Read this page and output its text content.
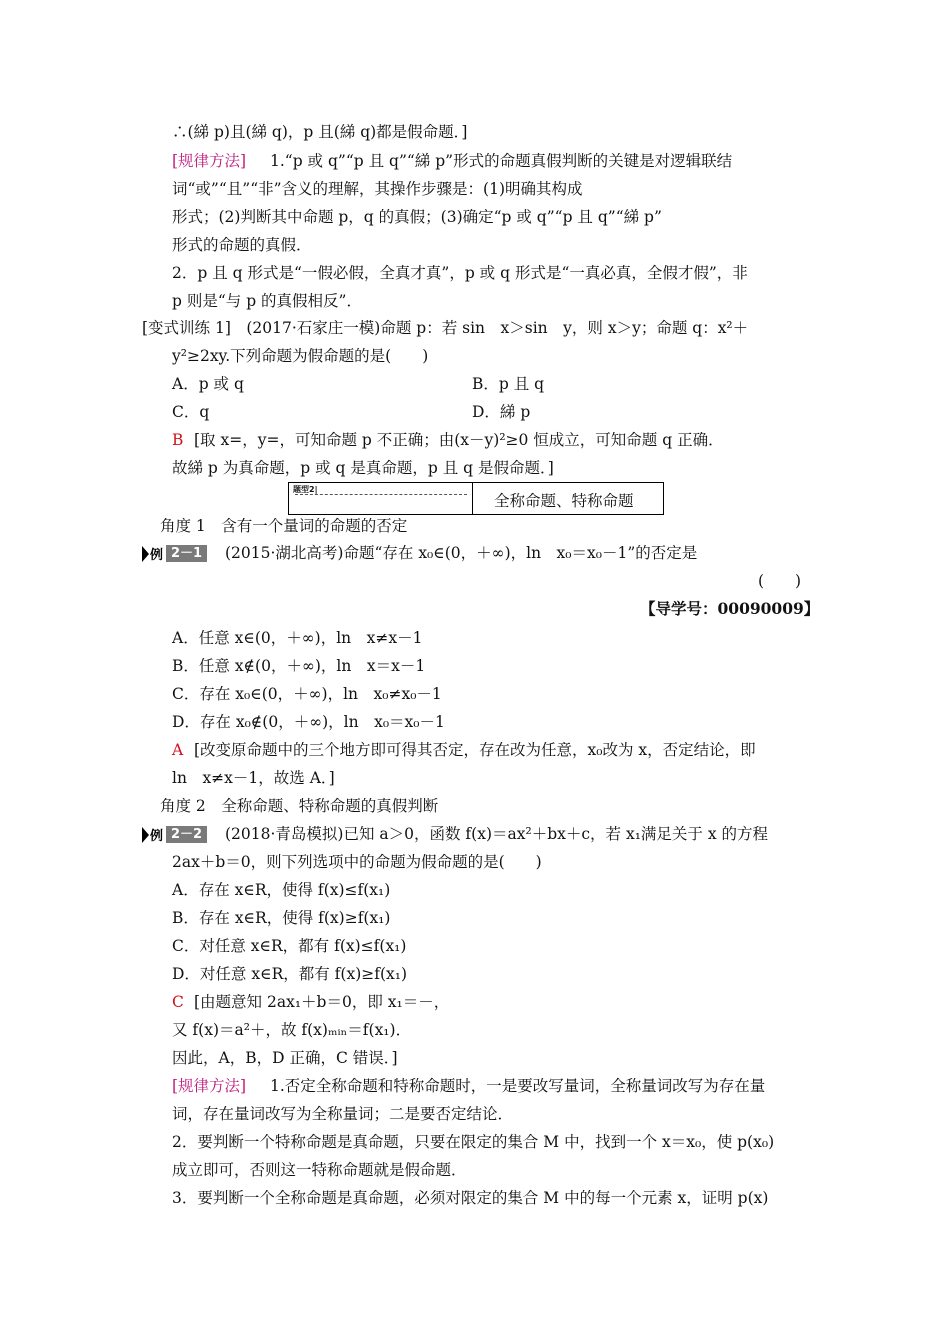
∴(綈 p)且(綈 q)，p 且(綈 q)都是假命题．]
[规律方法] 1.“p 或 q”“p 且 q”“綈 p”形式的命题真假判断的关键是对逻辑联结
词“或”“且”“非”含义的理解，其操作步骤是：(1)明确其构成
形式；(2)判断其中命题 p，q 的真假；(3)确定“p 或 q”“p 且 q”“綈 p”
形式的命题的真假．
2．p 且 q 形式是“一假必假，全真才真”，p 或 q 形式是“一真必真，全假才假”，非
p 则是“与 p 的真假相反”．
[变式训练 1]　(2017·石家庄一模)命题 p：若 sin　x＞sin　y，则 x＞y；命题 q：x²＋
y²≥2xy.下列命题为假命题的是(　　)
A．p 或 q	B．p 且 q
C．q	D．綈 p
B [取 x=，y=，可知命题 p 不正确；由(x－y)²≥0 恒成立，可知命题 q 正确．
故綈 p 为真命题，p 或 q 是真命题，p 且 q 是假命题．]
题型2|
全称命题、特称命题
角度 1　含有一个量词的命题的否定
例 2－1	(2015·湖北高考)命题“存在 x₀∈(0，＋∞)，ln　x₀＝x₀－1”的否定是
(　　)
【导学号：00090009】
A．任意 x∈(0，＋∞)，ln　x≠x－1
B．任意 x∉(0，＋∞)，ln　x＝x－1
C．存在 x₀∈(0，＋∞)，ln　x₀≠x₀－1
D．存在 x₀∉(0，＋∞)，ln　x₀＝x₀－1
A [改变原命题中的三个地方即可得其否定，存在改为任意，x₀改为 x，否定结论，即
ln　x≠x－1，故选 A．]
角度 2　全称命题、特称命题的真假判断
例 2－2	(2018·青岛模拟)已知 a＞0，函数 f(x)＝ax²＋bx＋c，若 x₁满足关于 x 的方程
2ax＋b＝0，则下列选项中的命题为假命题的是(　　)
A．存在 x∈R，使得 f(x)≤f(x₁)
B．存在 x∈R，使得 f(x)≥f(x₁)
C．对任意 x∈R，都有 f(x)≤f(x₁)
D．对任意 x∈R，都有 f(x)≥f(x₁)
C [由题意知 2ax₁＋b＝0，即 x₁＝－，
又 f(x)＝a²＋，故 f(x)ₘᵢₙ＝f(x₁)．
因此，A，B，D 正确，C 错误．]
[规律方法] 1.否定全称命题和特称命题时，一是要改写量词，全称量词改写为存在量
词，存在量词改写为全称量词；二是要否定结论．
2．要判断一个特称命题是真命题，只要在限定的集合 M 中，找到一个 x＝x₀，使 p(x₀)
成立即可，否则这一特称命题就是假命题．
3．要判断一个全称命题是真命题，必须对限定的集合 M 中的每一个元素 x，证明 p(x)
